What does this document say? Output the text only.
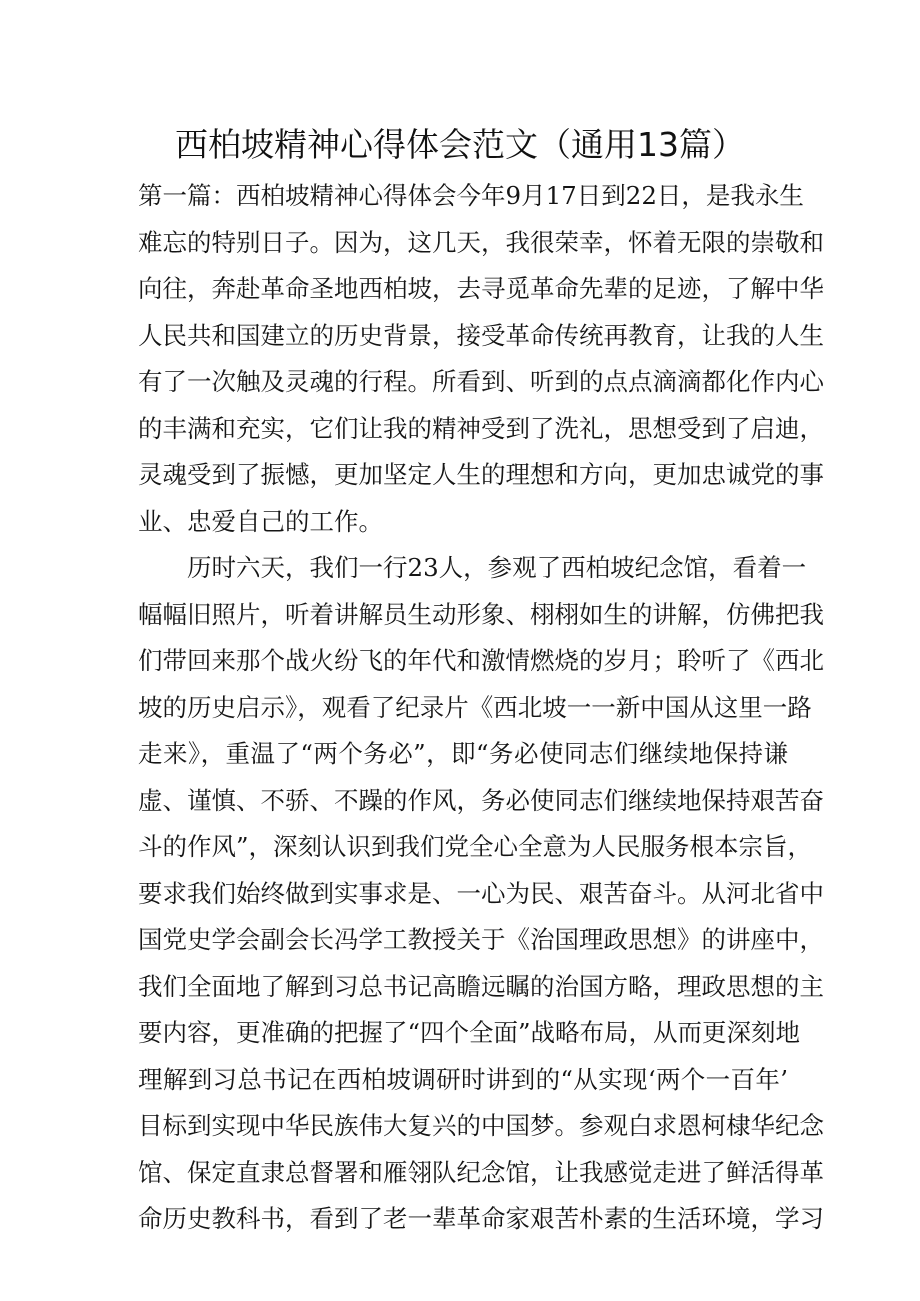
西柏坡精神心得体会范文（通用13篇）
第一篇：西柏坡精神心得体会今年9月17日到22日，是我永生
难忘的特别日子。因为，这几天，我很荣幸，怀着无限的崇敬和
向往，奔赴革命圣地西柏坡，去寻觅革命先辈的足迹，了解中华
人民共和国建立的历史背景，接受革命传统再教育，让我的人生
有了一次触及灵魂的行程。所看到、听到的点点滴滴都化作内心
的丰满和充实，它们让我的精神受到了洗礼，思想受到了启迪，
灵魂受到了振憾，更加坚定人生的理想和方向，更加忠诚党的事
业、忠爱自己的工作。
历时六天，我们一行23人，参观了西柏坡纪念馆，看着一
幅幅旧照片，听着讲解员生动形象、栩栩如生的讲解，仿佛把我
们带回来那个战火纷飞的年代和激情燃烧的岁月；聆听了《西北
坡的历史启示》，观看了纪录片《西北坡一一新中国从这里一路
走来》，重温了“两个务必”，即“务必使同志们继续地保持谦
虚、谨慎、不骄、不躁的作风，务必使同志们继续地保持艰苦奋
斗的作风”，深刻认识到我们党全心全意为人民服务根本宗旨，
要求我们始终做到实事求是、一心为民、艰苦奋斗。从河北省中
国党史学会副会长冯学工教授关于《治国理政思想》的讲座中，
我们全面地了解到习总书记高瞻远瞩的治国方略，理政思想的主
要内容，更准确的把握了“四个全面”战略布局，从而更深刻地
理解到习总书记在西柏坡调研时讲到的“从实现‘两个一百年’
目标到实现中华民族伟大复兴的中国梦。参观白求恩柯棣华纪念
馆、保定直隶总督署和雁翎队纪念馆，让我感觉走进了鲜活得革
命历史教科书，看到了老一辈革命家艰苦朴素的生活环境，学习
